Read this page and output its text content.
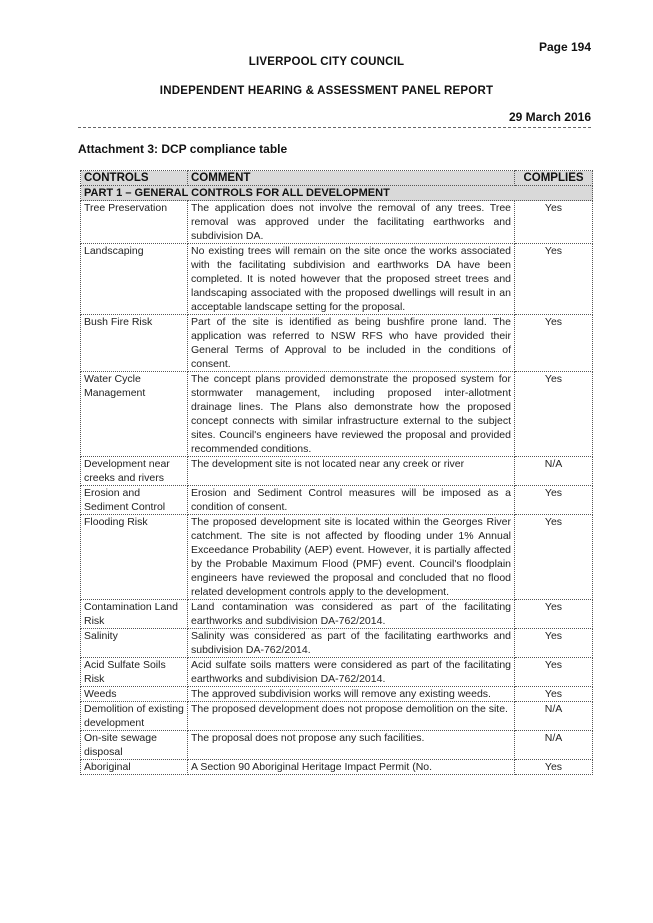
Page 194
LIVERPOOL CITY COUNCIL
INDEPENDENT HEARING & ASSESSMENT PANEL REPORT
29 March 2016
Attachment 3: DCP compliance table
CONTROLS	COMMENT	COMPLIES
PART 1 – GENERAL CONTROLS FOR ALL DEVELOPMENT		
Tree Preservation	The application does not involve the removal of any trees. Tree removal was approved under the facilitating earthworks and subdivision DA.	Yes
Landscaping	No existing trees will remain on the site once the works associated with the facilitating subdivision and earthworks DA have been completed. It is noted however that the proposed street trees and landscaping associated with the proposed dwellings will result in an acceptable landscape setting for the proposal.	Yes
Bush Fire Risk	Part of the site is identified as being bushfire prone land. The application was referred to NSW RFS who have provided their General Terms of Approval to be included in the conditions of consent.	Yes
Water Cycle Management	The concept plans provided demonstrate the proposed system for stormwater management, including proposed inter-allotment drainage lines. The Plans also demonstrate how the proposed concept connects with similar infrastructure external to the subject sites. Council's engineers have reviewed the proposal and provided recommended conditions.	Yes
Development near creeks and rivers	The development site is not located near any creek or river	N/A
Erosion and Sediment Control	Erosion and Sediment Control measures will be imposed as a condition of consent.	Yes
Flooding Risk	The proposed development site is located within the Georges River catchment. The site is not affected by flooding under 1% Annual Exceedance Probability (AEP) event. However, it is partially affected by the Probable Maximum Flood (PMF) event. Council's floodplain engineers have reviewed the proposal and concluded that no flood related development controls apply to the development.	Yes
Contamination Land Risk	Land contamination was considered as part of the facilitating earthworks and subdivision DA-762/2014.	Yes
Salinity	Salinity was considered as part of the facilitating earthworks and subdivision DA-762/2014.	Yes
Acid Sulfate Soils Risk	Acid sulfate soils matters were considered as part of the facilitating earthworks and subdivision DA-762/2014.	Yes
Weeds	The approved subdivision works will remove any existing weeds.	Yes
Demolition of existing development	The proposed development does not propose demolition on the site.	N/A
On-site sewage disposal	The proposal does not propose any such facilities.	N/A
Aboriginal	A Section 90 Aboriginal Heritage Impact Permit (No.	Yes
